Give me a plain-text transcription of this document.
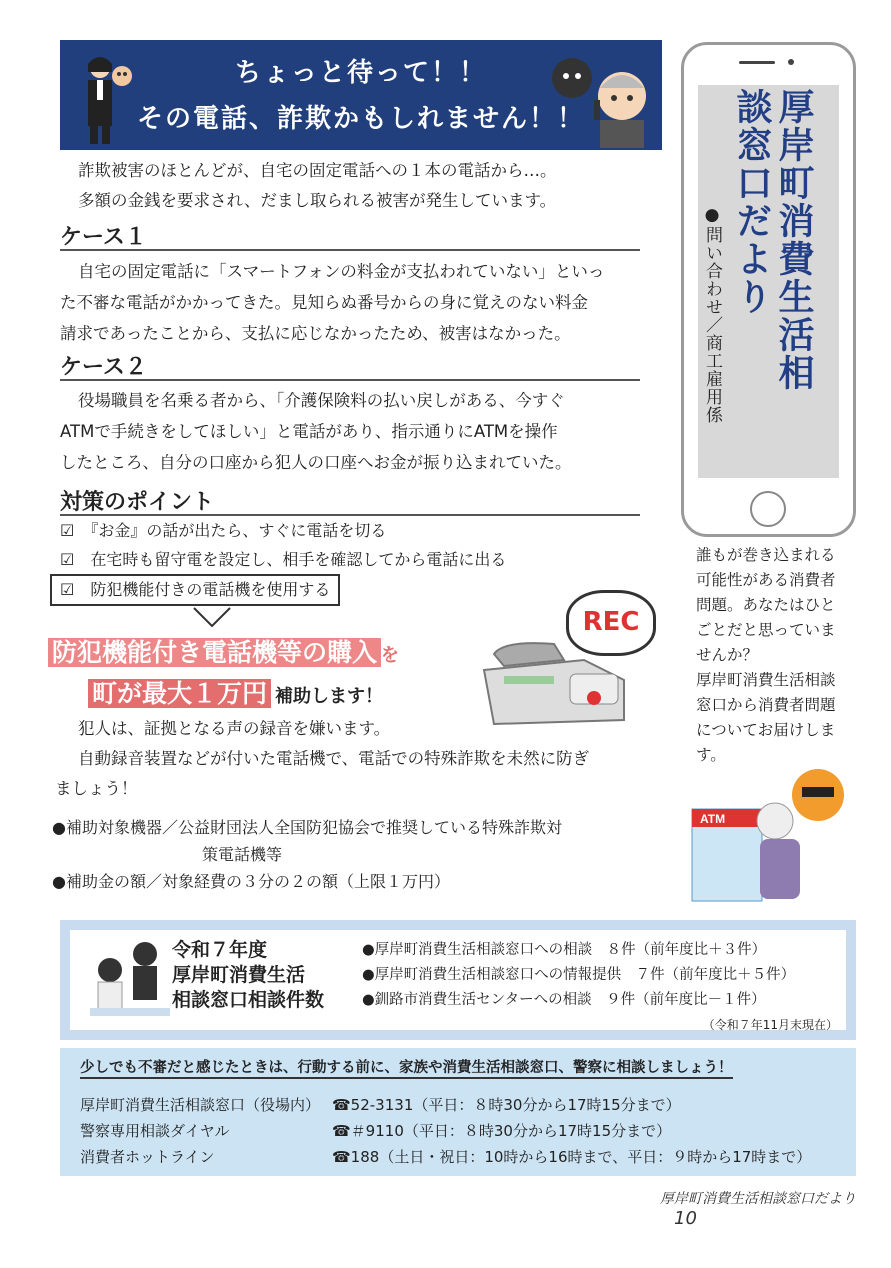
ちょっと待って！！
その電話、詐欺かもしれません！！
詐欺被害のほとんどが、自宅の固定電話への１本の電話から…。
多額の金銭を要求され、だまし取られる被害が発生しています。
ケース１
自宅の固定電話に「スマートフォンの料金が支払われていない」といっ
た不審な電話がかかってきた。見知らぬ番号からの身に覚えのない料金
請求であったことから、支払に応じなかったため、被害はなかった。
ケース２
役場職員を名乗る者から、「介護保険料の払い戻しがある、今すぐ
ATMで手続きをしてほしい」と電話があり、指示通りにATMを操作
したところ、自分の口座から犯人の口座へお金が振り込まれていた。
対策のポイント
☑　『お金』の話が出たら、すぐに電話を切る
☑　在宅時も留守電を設定し、相手を確認してから電話に出る
☑　防犯機能付きの電話機を使用する
防犯機能付き電話機等の購入 を
町が最大１万円 補助します！
REC
犯人は、証拠となる声の録音を嫌います。
自動録音装置などが付いた電話機で、電話での特殊詐欺を未然に防ぎ
ましょう！
●補助対象機器／公益財団法人全国防犯協会で推奨している特殊詐欺対
策電話機等
●補助金の額／対象経費の３分の２の額（上限１万円）
厚岸町消費生活相談窓口だより
●問い合わせ／商工雇用係
誰もが巻き込まれる
可能性がある消費者
問題。あなたはひと
ごとだと思っていま
せんか？
厚岸町消費生活相談
窓口から消費者問題
についてお届けしま
す。
ATM
令和７年度
厚岸町消費生活
相談窓口相談件数
●厚岸町消費生活相談窓口への相談　 ８件（前年度比＋３件）
●厚岸町消費生活相談窓口への情報提供　 ７件（前年度比＋５件）
●釧路市消費生活センターへの相談　 ９件（前年度比－１件）
（令和７年11月末現在）
少しでも不審だと感じたときは、行動する前に、家族や消費生活相談窓口、警察に相談しましょう！
厚岸町消費生活相談窓口（役場内） ☎52-3131（平日：８時30分から17時15分まで）
警察専用相談ダイヤル	☎＃9110（平日：８時30分から17時15分まで）
消費者ホットライン	☎188（土日・祝日：10時から16時まで、平日：９時から17時まで）
厚岸町消費生活相談窓口だより 10
